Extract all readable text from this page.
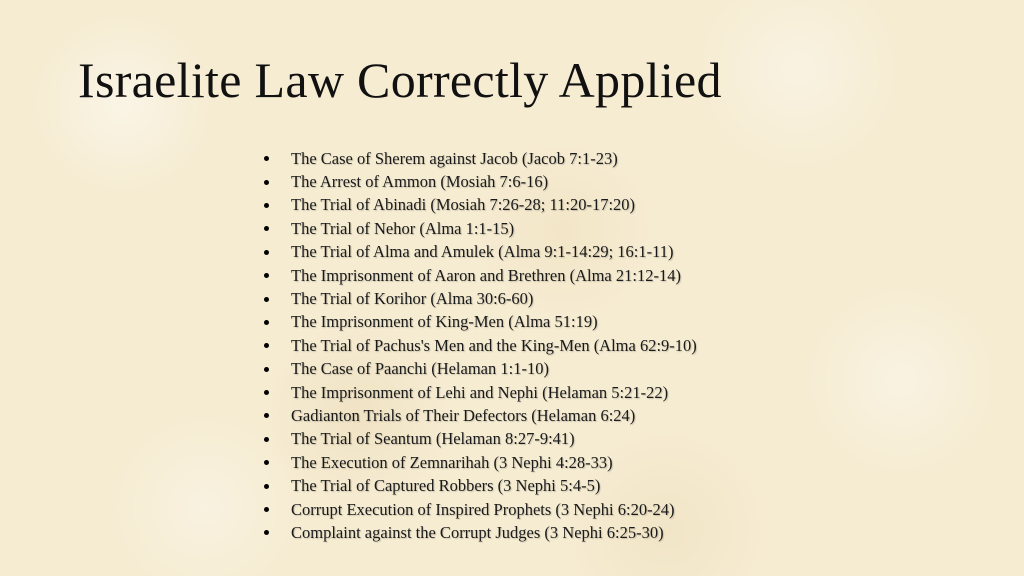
Israelite Law Correctly Applied
The Case of Sherem against Jacob (Jacob 7:1-23)
The Arrest of Ammon (Mosiah 7:6-16)
The Trial of Abinadi (Mosiah 7:26-28; 11:20-17:20)
The Trial of Nehor (Alma 1:1-15)
The Trial of Alma and Amulek (Alma 9:1-14:29; 16:1-11)
The Imprisonment of Aaron and Brethren (Alma 21:12-14)
The Trial of Korihor (Alma 30:6-60)
The Imprisonment of King-Men (Alma 51:19)
The Trial of Pachus's Men and the King-Men (Alma 62:9-10)
The Case of Paanchi (Helaman 1:1-10)
The Imprisonment of Lehi and Nephi (Helaman 5:21-22)
Gadianton Trials of Their Defectors (Helaman 6:24)
The Trial of Seantum (Helaman 8:27-9:41)
The Execution of Zemnarihah (3 Nephi 4:28-33)
The Trial of Captured Robbers (3 Nephi 5:4-5)
Corrupt Execution of Inspired Prophets (3 Nephi 6:20-24)
Complaint against the Corrupt Judges (3 Nephi 6:25-30)
